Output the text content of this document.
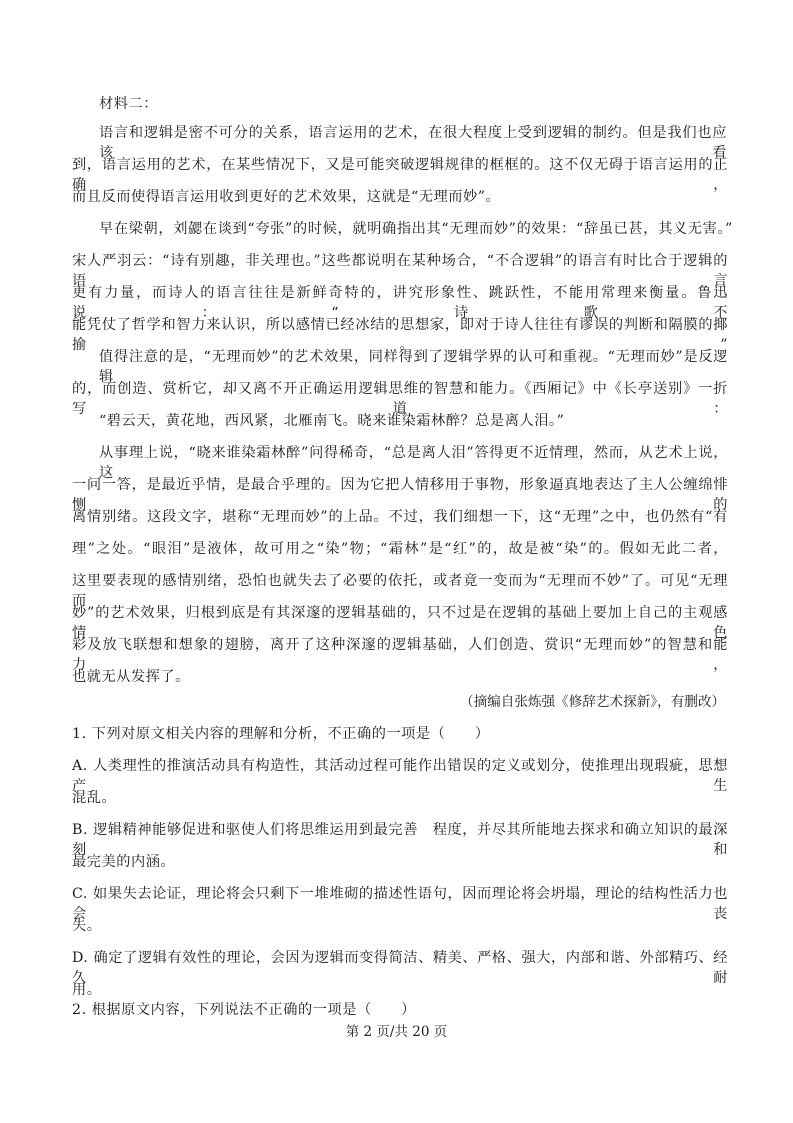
材料二：
语言和逻辑是密不可分的关系，语言运用的艺术，在很大程度上受到逻辑的制约。但是我们也应该看
到，语言运用的艺术，在某些情况下，又是可能突破逻辑规律的框框的。这不仅无碍于语言运用的正确，
而且反而使得语言运用收到更好的艺术效果，这就是“无理而妙”。
早在梁朝，刘勰在谈到“夸张”的时候，就明确指出其“无理而妙”的效果：“辞虽已甚，其义无害。”
宋人严羽云：“诗有别趣，非关理也。”这些都说明在某种场合，“不合逻辑”的语言有时比合于逻辑的语言
更有力量，而诗人的语言往往是新鲜奇特的，讲究形象性、跳跃性，不能用常理来衡量。鲁迅说：“诗歌不
能凭仗了哲学和智力来认识，所以感情已经冰结的思想家，即对于诗人往往有谬误的判断和隔膜的揶揄。”
值得注意的是，“无理而妙”的艺术效果，同样得到了逻辑学界的认可和重视。“无理而妙”是反逻辑
的，而创造、赏析它，却又离不开正确运用逻辑思维的智慧和能力。《西厢记》中《长亭送别》一折写道：
“碧云天，黄花地，西风紧，北雁南飞。晓来谁染霜林醉？总是离人泪。”
从事理上说，“晓来谁染霜林醉”问得稀奇，“总是离人泪”答得更不近情理，然而，从艺术上说，这
一问一答，是最近乎情，是最合乎理的。因为它把人情移用于事物，形象逼真地表达了主人公缠绵悱恻的
离情别绪。这段文字，堪称“无理而妙”的上品。不过，我们细想一下，这“无理”之中，也仍然有“有
理”之处。“眼泪”是液体，故可用之“染”物；“霜林”是“红”的，故是被“染”的。假如无此二者，
这里要表现的感情别绪，恐怕也就失去了必要的依托，或者竟一变而为“无理而不妙”了。可见“无理而
妙”的艺术效果，归根到底是有其深邃的逻辑基础的，只不过是在逻辑的基础上要加上自己的主观感情色
彩及放飞联想和想象的翅膀，离开了这种深邃的逻辑基础，人们创造、赏识“无理而妙”的智慧和能力，
也就无从发挥了。
（摘编自张炼强《修辞艺术探新》，有删改）
1. 下列对原文相关内容的理解和分析，不正确的一项是（　　）
A. 人类理性的推演活动具有构造性，其活动过程可能作出错误的定义或划分，使推理出现瑕疵，思想产生
混乱。
B. 逻辑精神能够促进和驱使人们将思维运用到最完善　程度，并尽其所能地去探求和确立知识的最深刻和
最完美的内涵。
C. 如果失去论证，理论将会只剩下一堆堆砌的描述性语句，因而理论将会坍塌，理论的结构性活力也会丧
失。
D. 确定了逻辑有效性的理论，会因为逻辑而变得简洁、精美、严格、强大，内部和谐、外部精巧、经久耐
用。
2. 根据原文内容，下列说法不正确的一项是（　　）
第 2 页/共 20 页
